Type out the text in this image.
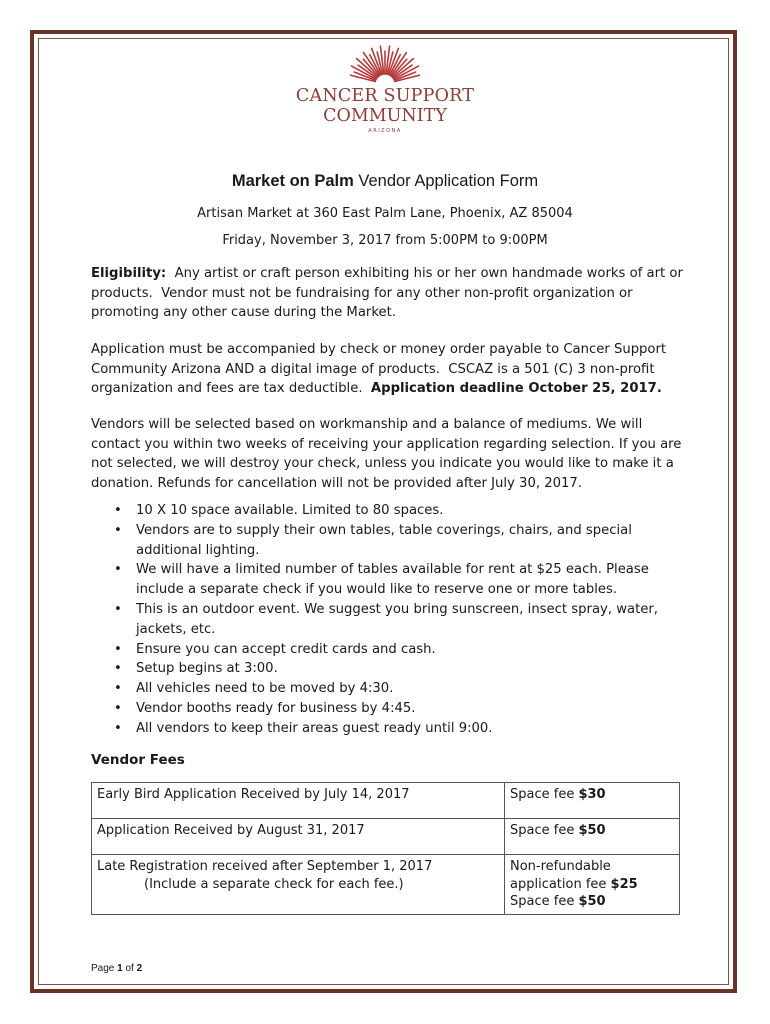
CANCER SUPPORT
COMMUNITY
ARIZONA
Market on Palm Vendor Application Form
Artisan Market at 360 East Palm Lane, Phoenix, AZ 85004
Friday, November 3, 2017 from 5:00PM to 9:00PM

Eligibility:  Any artist or craft person exhibiting his or her own handmade works of art or products.  Vendor must not be fundraising for any other non-profit organization or promoting any other cause during the Market.

Application must be accompanied by check or money order payable to Cancer Support Community Arizona AND a digital image of products.  CSCAZ is a 501 (C) 3 non-profit organization and fees are tax deductible.  Application deadline October 25, 2017.

Vendors will be selected based on workmanship and a balance of mediums. We will contact you within two weeks of receiving your application regarding selection. If you are not selected, we will destroy your check, unless you indicate you would like to make it a donation. Refunds for cancellation will not be provided after July 30, 2017.

• 10 X 10 space available. Limited to 80 spaces.
• Vendors are to supply their own tables, table coverings, chairs, and special additional lighting.
• We will have a limited number of tables available for rent at $25 each. Please include a separate check if you would like to reserve one or more tables.
• This is an outdoor event. We suggest you bring sunscreen, insect spray, water, jackets, etc.
• Ensure you can accept credit cards and cash.
• Setup begins at 3:00.
• All vehicles need to be moved by 4:30.
• Vendor booths ready for business by 4:45.
• All vendors to keep their areas guest ready until 9:00.
Vendor Fees
Early Bird Application Received by July 14, 2017	Space fee $30
Application Received by August 31, 2017	Space fee $50
Late Registration received after September 1, 2017
(Include a separate check for each fee.)	Non-refundable
application fee $25
Space fee $50
Page 1 of 2
